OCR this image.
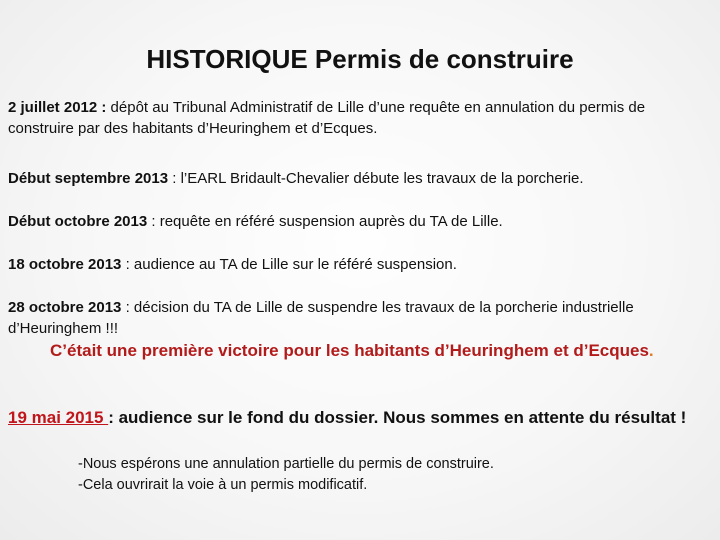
HISTORIQUE Permis de construire
2 juillet 2012 : dépôt au Tribunal Administratif de Lille d’une requête en annulation du permis de construire par des habitants d’Heuringhem et d’Ecques.
Début septembre 2013 : l’EARL Bridault-Chevalier débute les travaux de la porcherie.
Début octobre 2013 : requête en référé suspension auprès du TA de Lille.
18 octobre 2013 : audience au TA de Lille sur le référé suspension.
28 octobre 2013 : décision du TA de Lille de suspendre les travaux de la porcherie industrielle d’Heuringhem !!!
C’était une première victoire pour les habitants d’Heuringhem et d’Ecques.
19 mai 2015 : audience sur le fond du dossier. Nous sommes en attente du résultat !
-Nous espérons une annulation partielle du permis de construire.
-Cela ouvrirait la voie à un permis modificatif.
